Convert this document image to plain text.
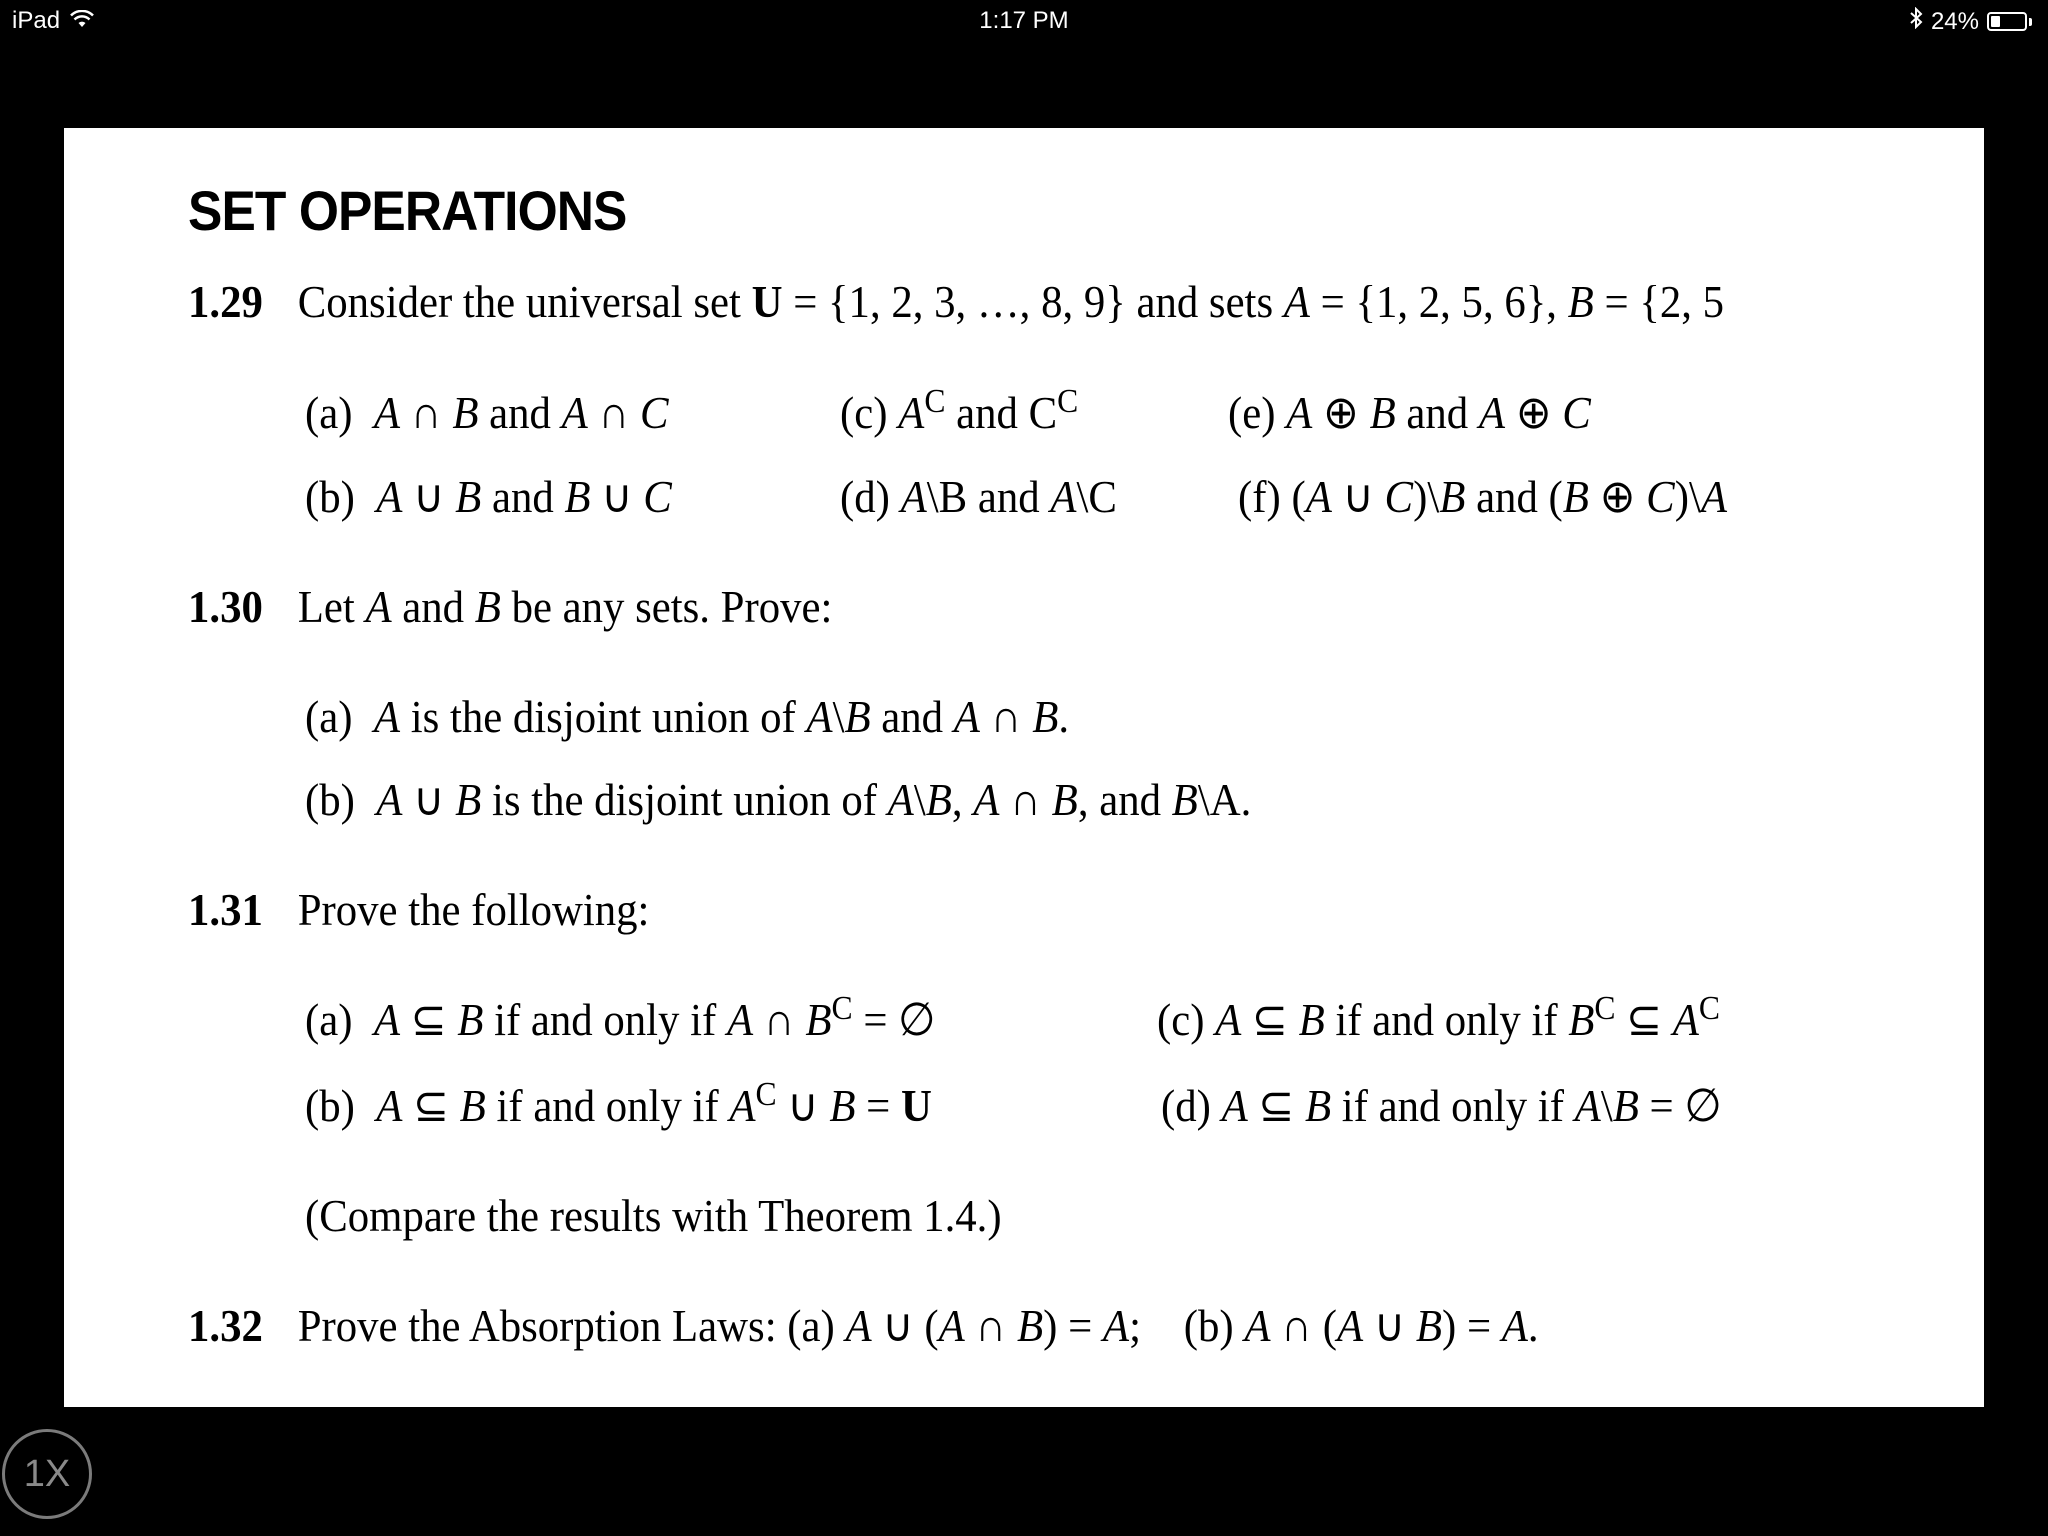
iPad	1:17 PM	24%
SET OPERATIONS
1.29 Consider the universal set U = {1, 2, 3, …, 8, 9} and sets A = {1, 2, 5, 6}, B = {2, 5
(a) A ∩ B and A ∩ C	(c) $A^C$ and $C^C$	(e) A ⊕ B and A ⊕ C
(b) A ∪ B and B ∪ C	(d) A\B and A\C	(f) (A ∪ C)\B and (B ⊕ C)\A
1.30 Let A and B be any sets. Prove:
(a) A is the disjoint union of A\B and A ∩ B.
(b) A ∪ B is the disjoint union of A\B, A ∩ B, and B\A.
1.31 Prove the following:
(a) A ⊆ B if and only if A ∩ $B^C$ = ∅	(c) A ⊆ B if and only if $B^C$ ⊆ $A^C$
(b) A ⊆ B if and only if $A^C$ ∪ B = U	(d) A ⊆ B if and only if A\B = ∅
(Compare the results with Theorem 1.4.)
1.32 Prove the Absorption Laws: (a) A ∪ (A ∩ B) = A;    (b) A ∩ (A ∪ B) = A.
1X
